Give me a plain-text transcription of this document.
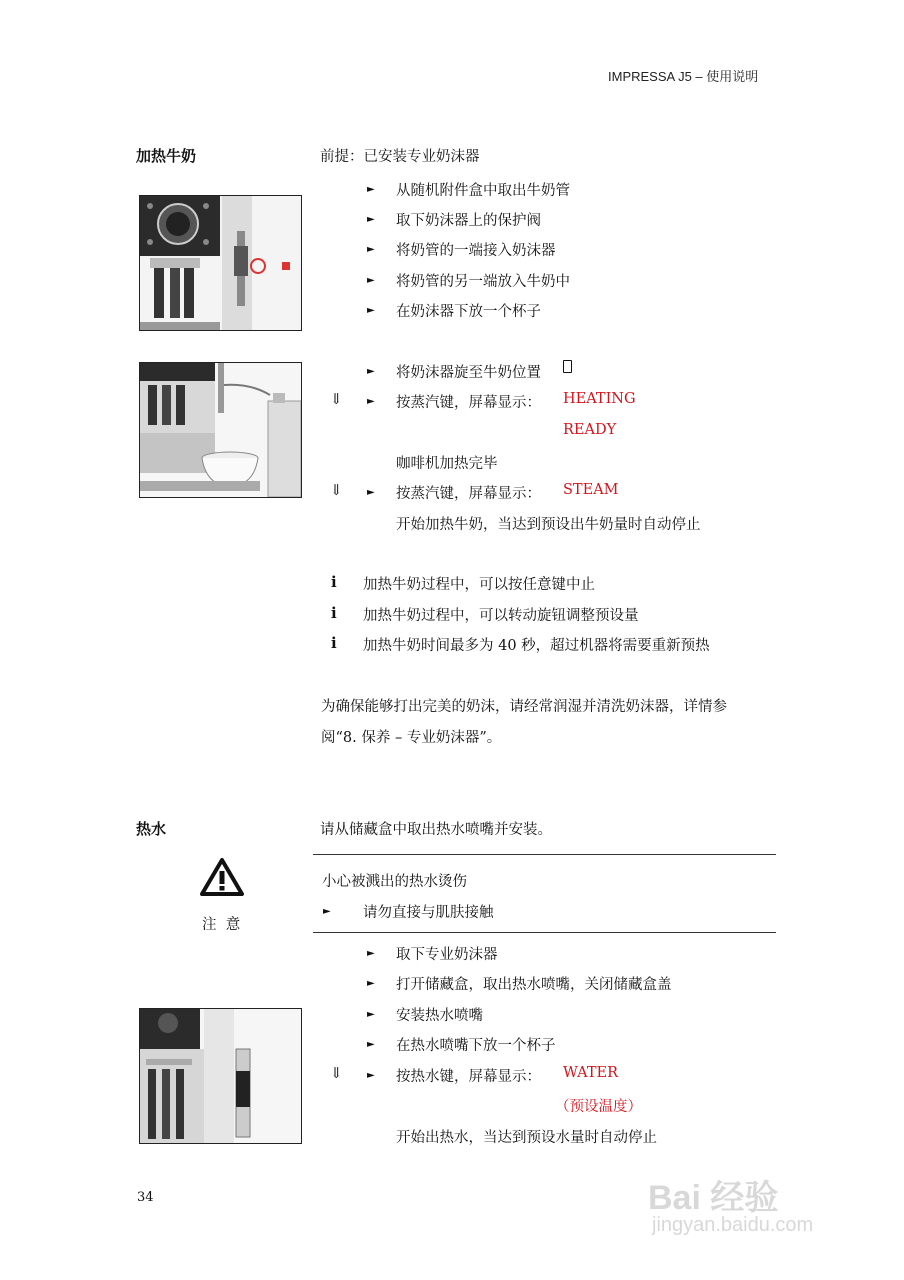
IMPRESSA J5 – 使用说明
加热牛奶	前提：已安装专业奶沫器
► 从随机附件盒中取出牛奶管
► 取下奶沫器上的保护阀
► 将奶管的一端接入奶沫器
► 将奶管的另一端放入牛奶中
► 在奶沫器下放一个杯子
► 将奶沫器旋至牛奶位置
⇓ ► 按蒸汽键，屏幕显示： HEATING
READY
咖啡机加热完毕
⇓ ► 按蒸汽键，屏幕显示： STEAM
开始加热牛奶，当达到预设出牛奶量时自动停止
i 加热牛奶过程中，可以按任意键中止
i 加热牛奶过程中，可以转动旋钮调整预设量
i 加热牛奶时间最多为 40 秒，超过机器将需要重新预热
为确保能够打出完美的奶沫，请经常润湿并清洗奶沫器，详情参
阅“8. 保养 – 专业奶沫器”。
热水	请从储藏盒中取出热水喷嘴并安装。
注  意
小心被溅出的热水烫伤
► 请勿直接与肌肤接触
► 取下专业奶沫器
► 打开储藏盒，取出热水喷嘴，关闭储藏盒盖
► 安装热水喷嘴
► 在热水喷嘴下放一个杯子
⇓ ► 按热水键，屏幕显示： WATER
（预设温度）
开始出热水，当达到预设水量时自动停止
34	Bai 经验
jingyan.baidu.com
